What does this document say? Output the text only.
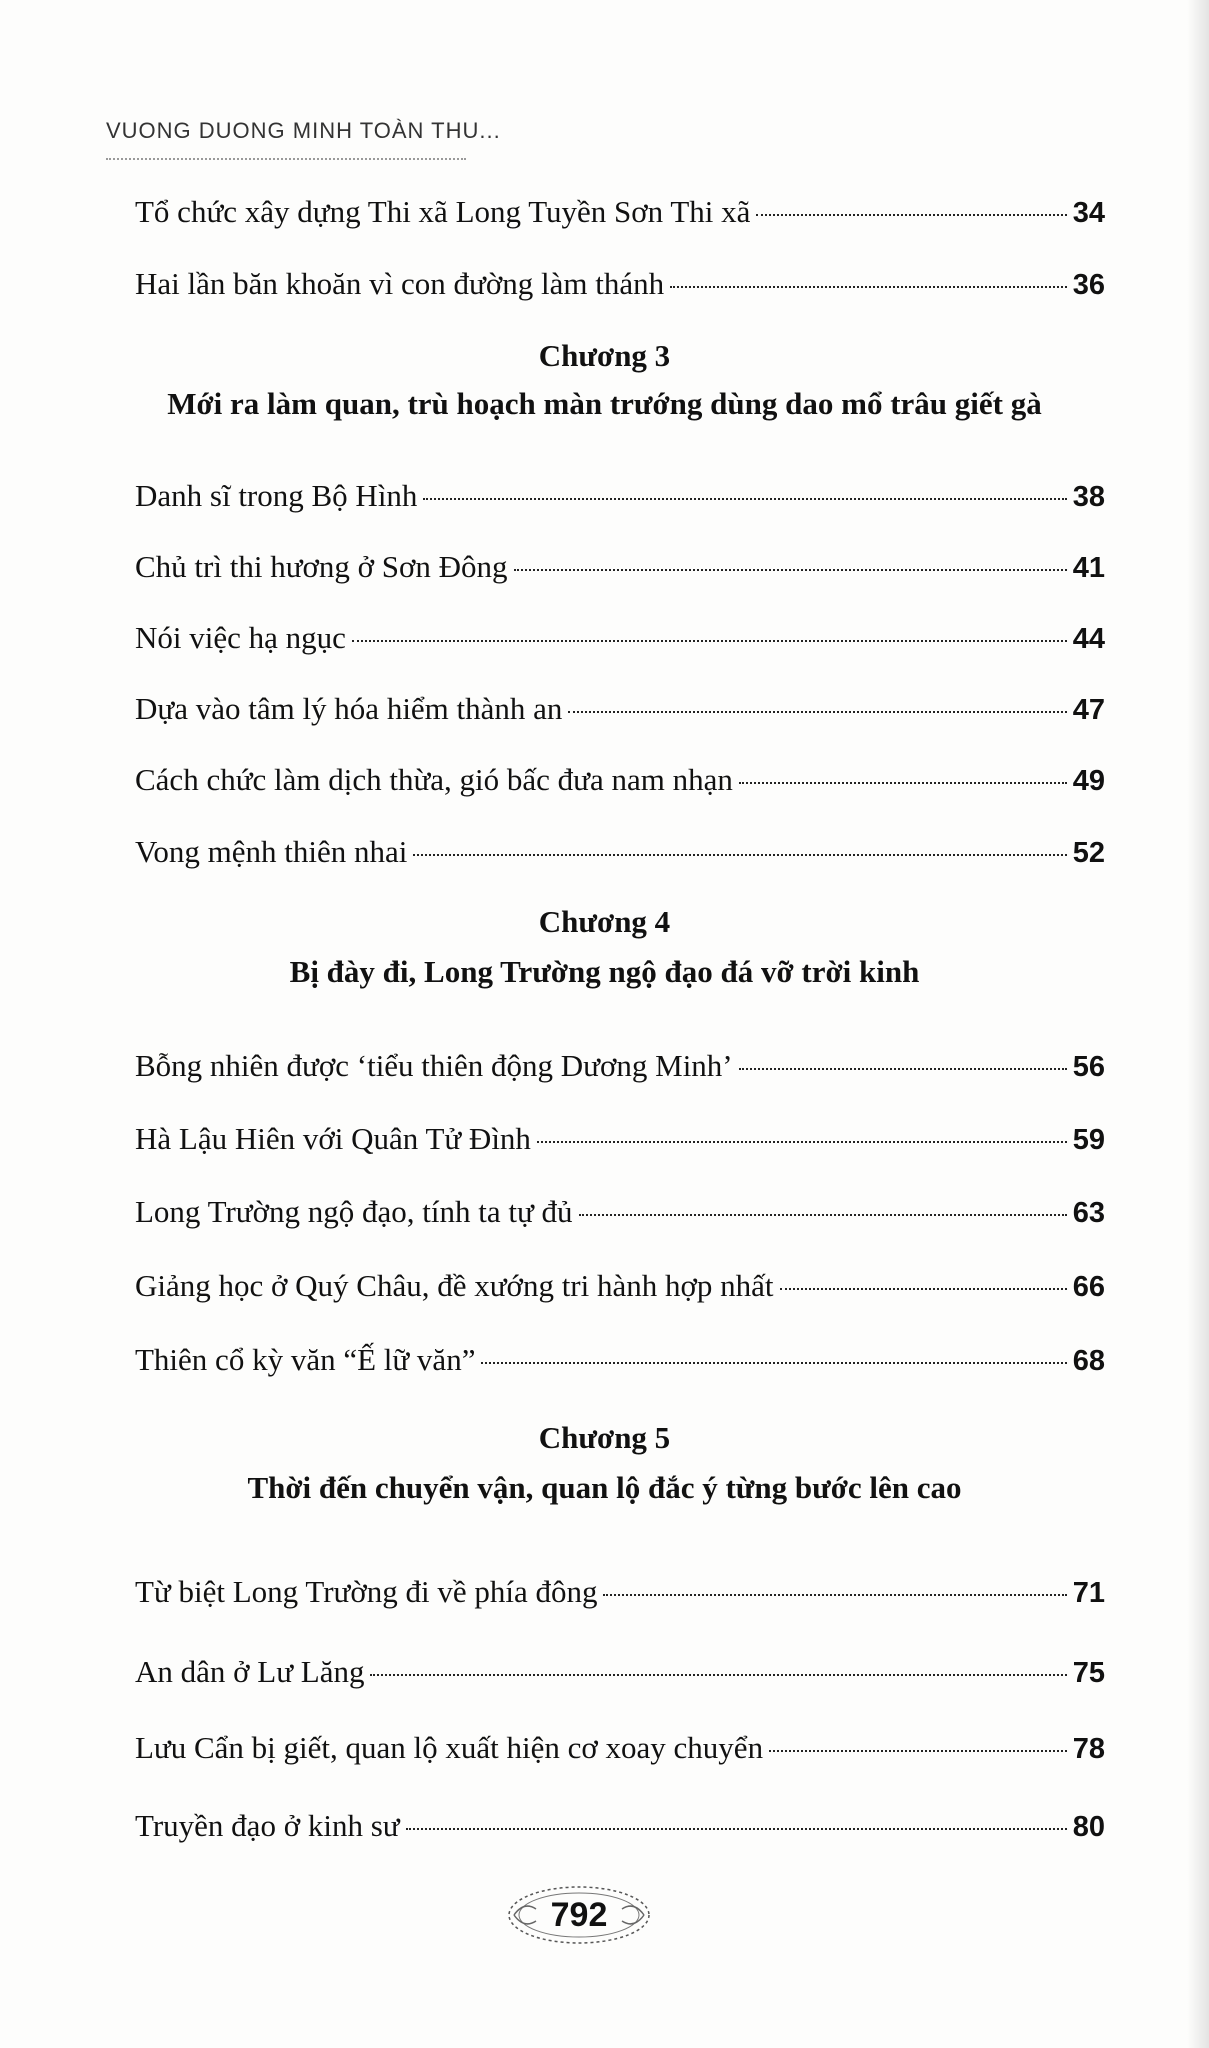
VUONG DUONG MINH TOÀN THU...
Tổ chức xây dựng Thi xã Long Tuyền Sơn Thi xã	34
Hai lần băn khoăn vì con đường làm thánh	36
Chương 3
Mới ra làm quan, trù hoạch màn trướng dùng dao mổ trâu giết gà
Danh sĩ trong Bộ Hình	38
Chủ trì thi hương ở Sơn Đông	41
Nói việc hạ ngục	44
Dựa vào tâm lý hóa hiểm thành an	47
Cách chức làm dịch thừa, gió bấc đưa nam nhạn	49
Vong mệnh thiên nhai	52
Chương 4
Bị đày đi, Long Trường ngộ đạo đá vỡ trời kinh
Bỗng nhiên được ‘tiểu thiên động Dương Minh’	56
Hà Lậu Hiên với Quân Tử Đình	59
Long Trường ngộ đạo, tính ta tự đủ	63
Giảng học ở Quý Châu, đề xướng tri hành hợp nhất	66
Thiên cổ kỳ văn “Ế lữ văn”	68
Chương 5
Thời đến chuyển vận, quan lộ đắc ý từng bước lên cao
Từ biệt Long Trường đi về phía đông	71
An dân ở Lư Lăng	75
Lưu Cẩn bị giết, quan lộ xuất hiện cơ xoay chuyển	78
Truyền đạo ở kinh sư	80
792
